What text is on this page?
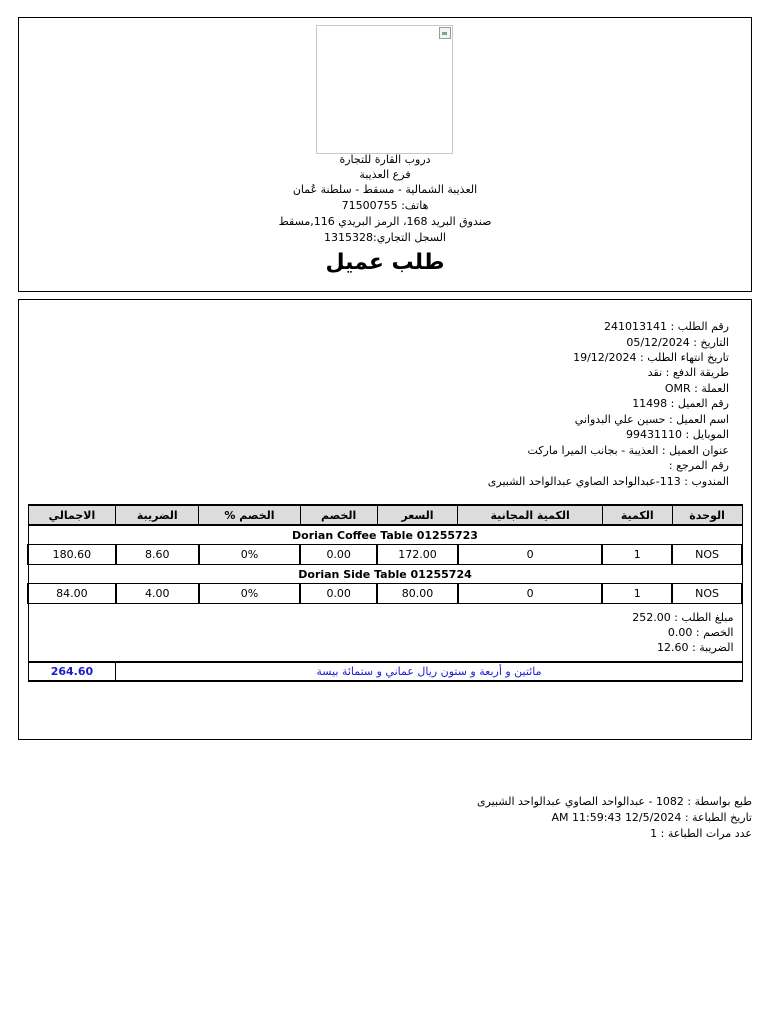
دروب القارة للتجارة
فرع العذيبة
العذيبة الشمالية - مسقط - سلطنة عُمان
هاتف: 71500755
صندوق البريد 168، الرمز البريدي 116,مسقط
السجل التجاري:1315328
طلب عميل
رقم الطلب : 241013141
التاريخ : 05/12/2024
تاريخ انتهاء الطلب : 19/12/2024
طريقة الدفع : نقد
العملة : OMR
رقم العميل : 11498
اسم العميل : حسين علي البدواني
الموبايل : 99431110
عنوان العميل : العذيبة - بجانب الميرا ماركت
رقم المرجع :
المندوب : 113-عبدالواحد الصاوي عبدالواحد الشبيرى
الوحدة	الكمية	الكمية المجانية	السعر	الخصم	الخصم %	الضريبة	الاجمالي
Dorian Coffee Table 01255723							
NOS	1	0	172.00	0.00	0%	8.60	180.60
Dorian Side Table 01255724							
NOS	1	0	80.00	0.00	0%	4.00	84.00

مبلغ الطلب : 252.00
الخصم : 0.00
الضريبة : 12.60							

مائتين و أربعة و ستون ريال عماني و ستمائة بيسة							264.60
طبع بواسطة : 1082 - عبدالواحد الصاوي عبدالواحد الشبيرى
تاريخ الطباعة : 12/5/2024 11:59:43 AM
عدد مرات الطباعة : 1
